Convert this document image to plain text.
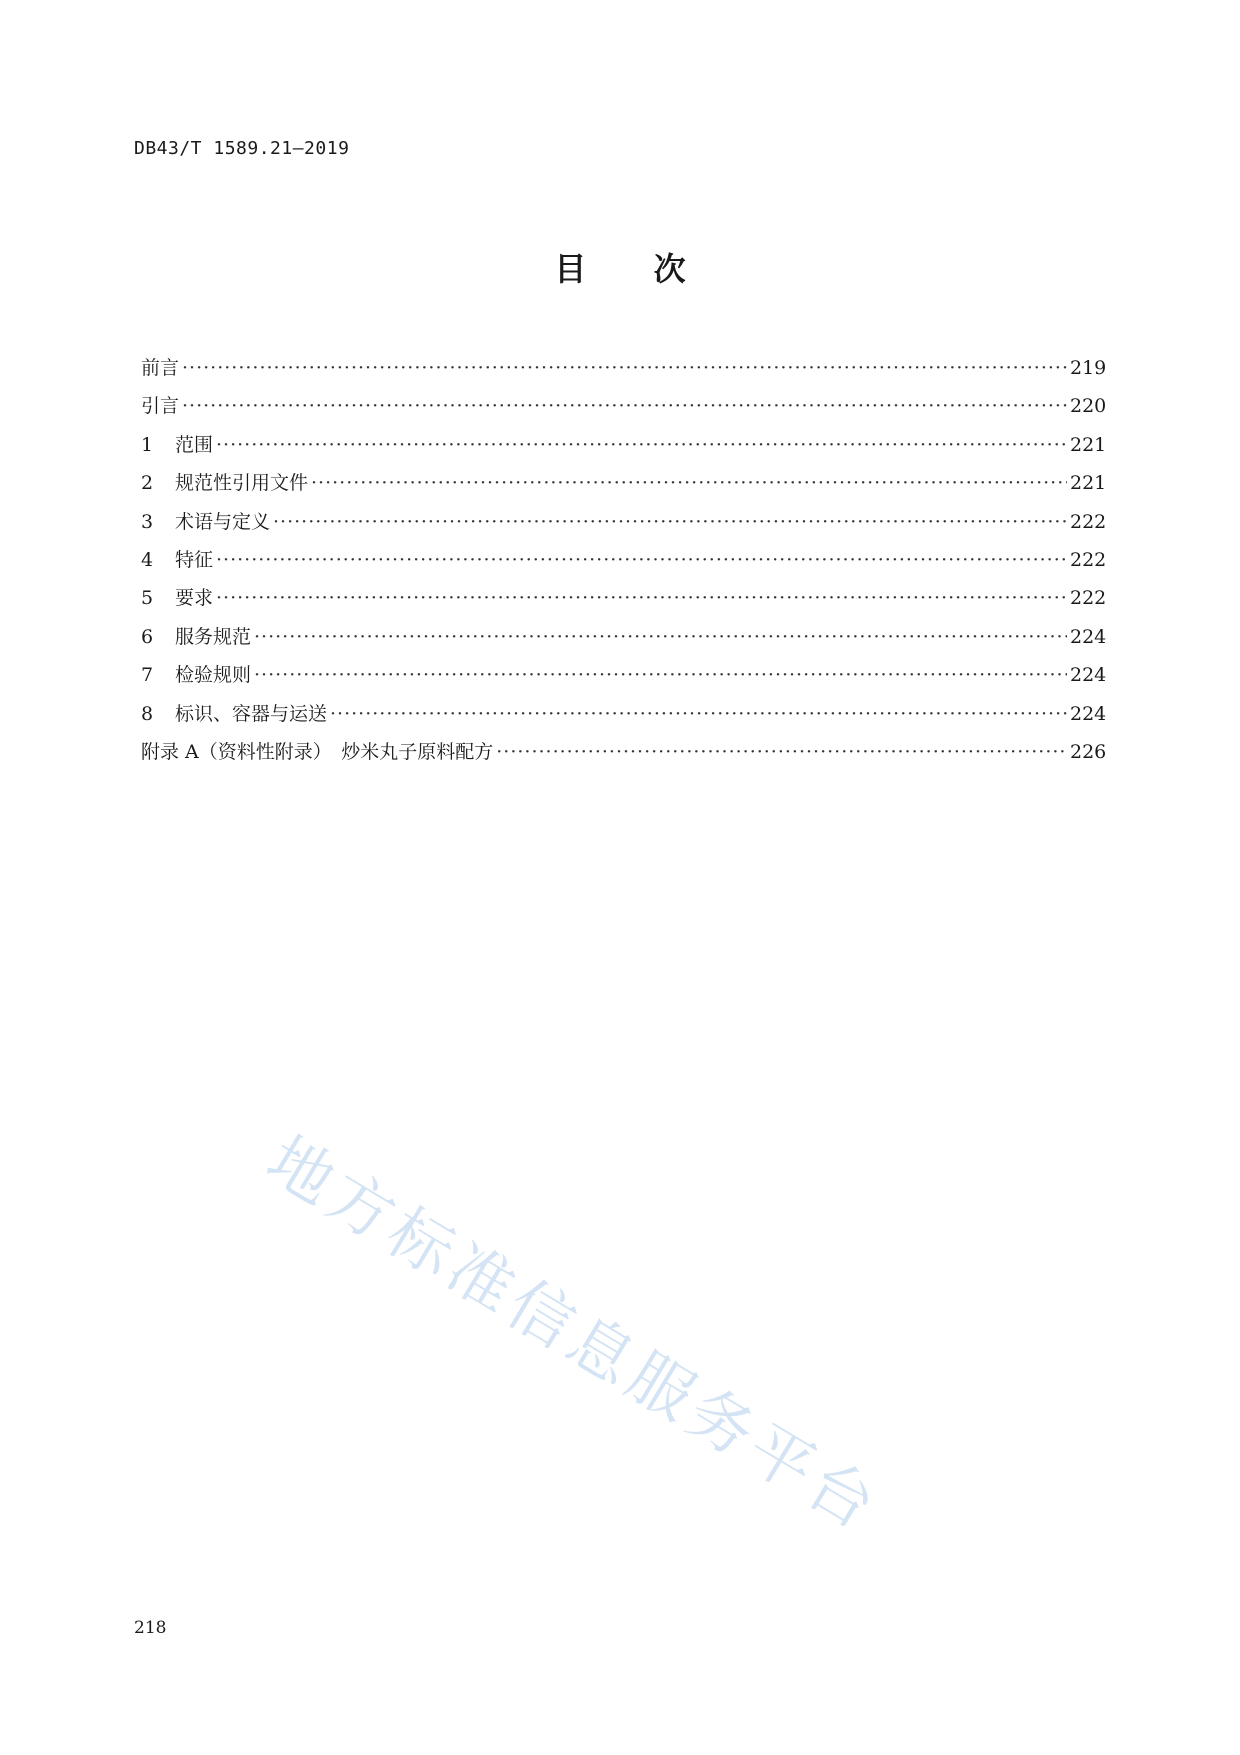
DB43/T 1589.21—2019
目 次
前言 ·····	219
引言 ·····	220
1	范围 ·····	221
2	规范性引用文件 ·····	221
3	术语与定义 ·····	222
4	特征 ·····	222
5	要求 ·····	222
6	服务规范 ·····	224
7	检验规则 ·····	224
8	标识、容器与运送 ·····	224
附录 A（资料性附录）　炒米丸子原料配方 ·····	226
地方标准信息服务平台
218
